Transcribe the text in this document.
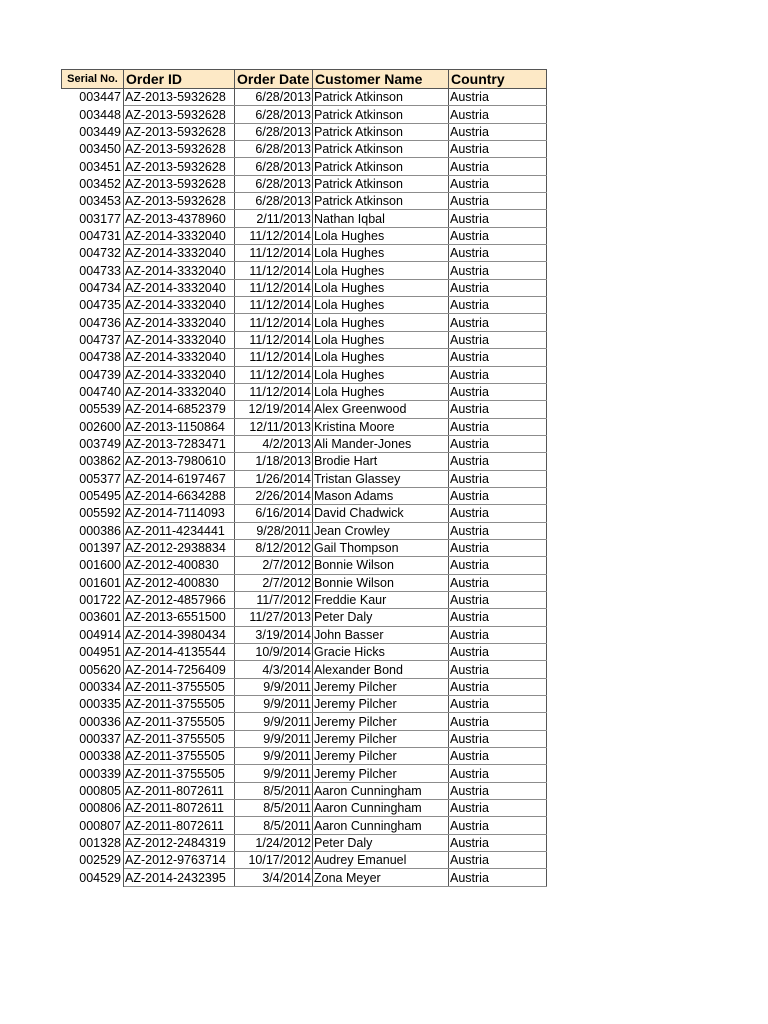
Serial No.	Order ID	Order Date	Customer Name	Country
003447	AZ-2013-5932628	6/28/2013	Patrick Atkinson	Austria
003448	AZ-2013-5932628	6/28/2013	Patrick Atkinson	Austria
003449	AZ-2013-5932628	6/28/2013	Patrick Atkinson	Austria
003450	AZ-2013-5932628	6/28/2013	Patrick Atkinson	Austria
003451	AZ-2013-5932628	6/28/2013	Patrick Atkinson	Austria
003452	AZ-2013-5932628	6/28/2013	Patrick Atkinson	Austria
003453	AZ-2013-5932628	6/28/2013	Patrick Atkinson	Austria
003177	AZ-2013-4378960	2/11/2013	Nathan Iqbal	Austria
004731	AZ-2014-3332040	11/12/2014	Lola Hughes	Austria
004732	AZ-2014-3332040	11/12/2014	Lola Hughes	Austria
004733	AZ-2014-3332040	11/12/2014	Lola Hughes	Austria
004734	AZ-2014-3332040	11/12/2014	Lola Hughes	Austria
004735	AZ-2014-3332040	11/12/2014	Lola Hughes	Austria
004736	AZ-2014-3332040	11/12/2014	Lola Hughes	Austria
004737	AZ-2014-3332040	11/12/2014	Lola Hughes	Austria
004738	AZ-2014-3332040	11/12/2014	Lola Hughes	Austria
004739	AZ-2014-3332040	11/12/2014	Lola Hughes	Austria
004740	AZ-2014-3332040	11/12/2014	Lola Hughes	Austria
005539	AZ-2014-6852379	12/19/2014	Alex Greenwood	Austria
002600	AZ-2013-1150864	12/11/2013	Kristina Moore	Austria
003749	AZ-2013-7283471	4/2/2013	Ali Mander-Jones	Austria
003862	AZ-2013-7980610	1/18/2013	Brodie Hart	Austria
005377	AZ-2014-6197467	1/26/2014	Tristan Glassey	Austria
005495	AZ-2014-6634288	2/26/2014	Mason Adams	Austria
005592	AZ-2014-7114093	6/16/2014	David Chadwick	Austria
000386	AZ-2011-4234441	9/28/2011	Jean Crowley	Austria
001397	AZ-2012-2938834	8/12/2012	Gail Thompson	Austria
001600	AZ-2012-400830	2/7/2012	Bonnie Wilson	Austria
001601	AZ-2012-400830	2/7/2012	Bonnie Wilson	Austria
001722	AZ-2012-4857966	11/7/2012	Freddie Kaur	Austria
003601	AZ-2013-6551500	11/27/2013	Peter Daly	Austria
004914	AZ-2014-3980434	3/19/2014	John Basser	Austria
004951	AZ-2014-4135544	10/9/2014	Gracie Hicks	Austria
005620	AZ-2014-7256409	4/3/2014	Alexander Bond	Austria
000334	AZ-2011-3755505	9/9/2011	Jeremy Pilcher	Austria
000335	AZ-2011-3755505	9/9/2011	Jeremy Pilcher	Austria
000336	AZ-2011-3755505	9/9/2011	Jeremy Pilcher	Austria
000337	AZ-2011-3755505	9/9/2011	Jeremy Pilcher	Austria
000338	AZ-2011-3755505	9/9/2011	Jeremy Pilcher	Austria
000339	AZ-2011-3755505	9/9/2011	Jeremy Pilcher	Austria
000805	AZ-2011-8072611	8/5/2011	Aaron Cunningham	Austria
000806	AZ-2011-8072611	8/5/2011	Aaron Cunningham	Austria
000807	AZ-2011-8072611	8/5/2011	Aaron Cunningham	Austria
001328	AZ-2012-2484319	1/24/2012	Peter Daly	Austria
002529	AZ-2012-9763714	10/17/2012	Audrey Emanuel	Austria
004529	AZ-2014-2432395	3/4/2014	Zona Meyer	Austria
